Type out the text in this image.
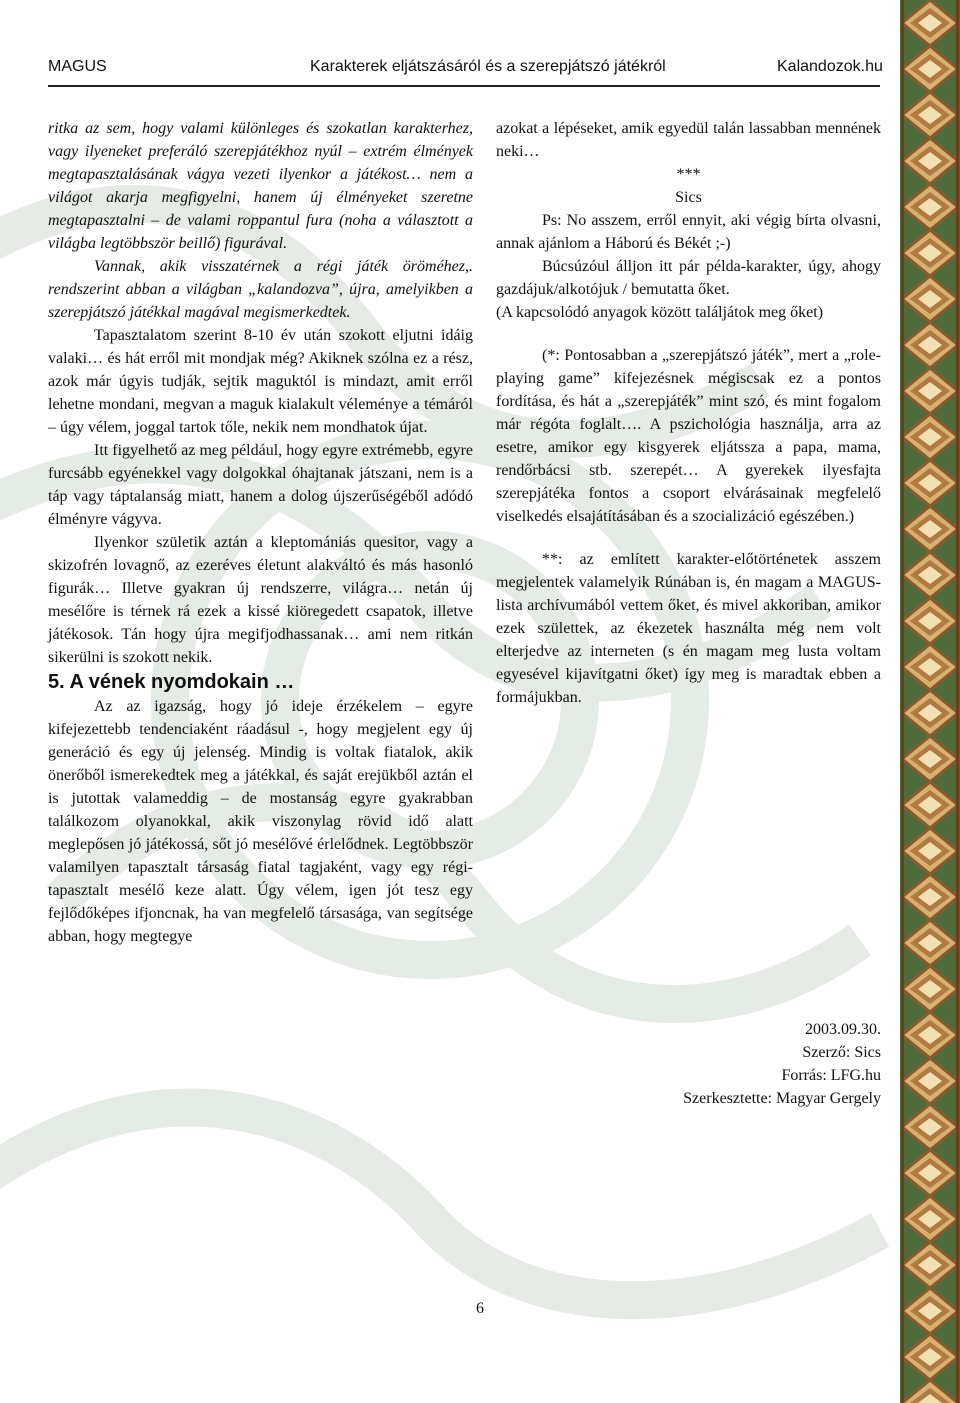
MAGUS	Karakterek eljátszásáról és a szerepjátszó játékról	Kalandozok.hu

ritka az sem, hogy valami különleges és szokatlan karakterhez, vagy ilyeneket preferáló szerepjátékhoz nyúl – extrém élmények megtapasztalásának vágya vezeti ilyenkor a játékost… nem a világot akarja megfigyelni, hanem új élményeket szeretne megtapasztalni – de valami roppantul fura (noha a választott a világba legtöbbször beillő) figurával.

Vannak, akik visszatérnek a régi játék öröméhez,. rendszerint abban a világban „kalandozva”, újra, amelyikben a szerepjátszó játékkal magával megismerkedtek.

Tapasztalatom szerint 8-10 év után szokott eljutni idáig valaki… és hát erről mit mondjak még? Akiknek szólna ez a rész, azok már úgyis tudják, sejtik maguktól is mindazt, amit erről lehetne mondani, megvan a maguk kialakult véleménye a témáról – úgy vélem, joggal tartok tőle, nekik nem mondhatok újat.

Itt figyelhető az meg például, hogy egyre extrémebb, egyre furcsább egyénekkel vagy dolgokkal óhajtanak játszani, nem is a táp vagy táptalanság miatt, hanem a dolog újszerűségéből adódó élményre vágyva.

Ilyenkor születik aztán a kleptomániás quesitor, vagy a skizofrén lovagnő, az ezeréves életunt alakváltó és más hasonló figurák… Illetve gyakran új rendszerre, világra… netán új mesélőre is térnek rá ezek a kissé kiöregedett csapatok, illetve játékosok. Tán hogy újra megifjodhassanak… ami nem ritkán sikerülni is szokott nekik.

5. A vének nyomdokain …

Az az igazság, hogy jó ideje érzékelem – egyre kifejezettebb tendenciaként ráadásul -, hogy megjelent egy új generáció és egy új jelenség. Mindig is voltak fiatalok, akik önerőből ismerekedtek meg a játékkal, és saját erejükből aztán el is jutottak valameddig – de mostanság egyre gyakrabban találkozom olyanokkal, akik viszonylag rövid idő alatt meglepősen jó játékossá, sőt jó mesélővé érlelődnek. Legtöbbször valamilyen tapasztalt társaság fiatal tagjaként, vagy egy régi-tapasztalt mesélő keze alatt. Úgy vélem, igen jót tesz egy fejlődőképes ifjoncnak, ha van megfelelő társasága, van segítsége abban, hogy megtegye

azokat a lépéseket, amik egyedül talán lassabban mennének neki…

***

Sics

Ps: No asszem, erről ennyit, aki végig bírta olvasni, annak ajánlom a Háború és Békét ;-)

Búcsúzóul álljon itt pár példa-karakter, úgy, ahogy gazdájuk/alkotójuk / bemutatta őket.

(A kapcsolódó anyagok között találjátok meg őket)

(*: Pontosabban a „szerepjátszó játék”, mert a „role-playing game” kifejezésnek mégiscsak ez a pontos fordítása, és hát a „szerepjáték” mint szó, és mint fogalom már régóta foglalt…. A pszichológia használja, arra az esetre, amikor egy kisgyerek eljátssza a papa, mama, rendőrbácsi stb. szerepét… A gyerekek ilyesfajta szerepjátéka fontos a csoport elvárásainak megfelelő viselkedés elsajátításában és a szocializáció egészében.)

**: az említett karakter-előtörténetek asszem megjelentek valamelyik Rúnában is, én magam a MAGUS-lista archívumából vettem őket, és mivel akkoriban, amikor ezek születtek, az ékezetek használta még nem volt elterjedve az interneten (s én magam meg lusta voltam egyesével kijavítgatni őket) így meg is maradtak ebben a formájukban.

2003.09.30.

Szerző: Sics

Forrás: LFG.hu

Szerkesztette: Magyar Gergely

6
